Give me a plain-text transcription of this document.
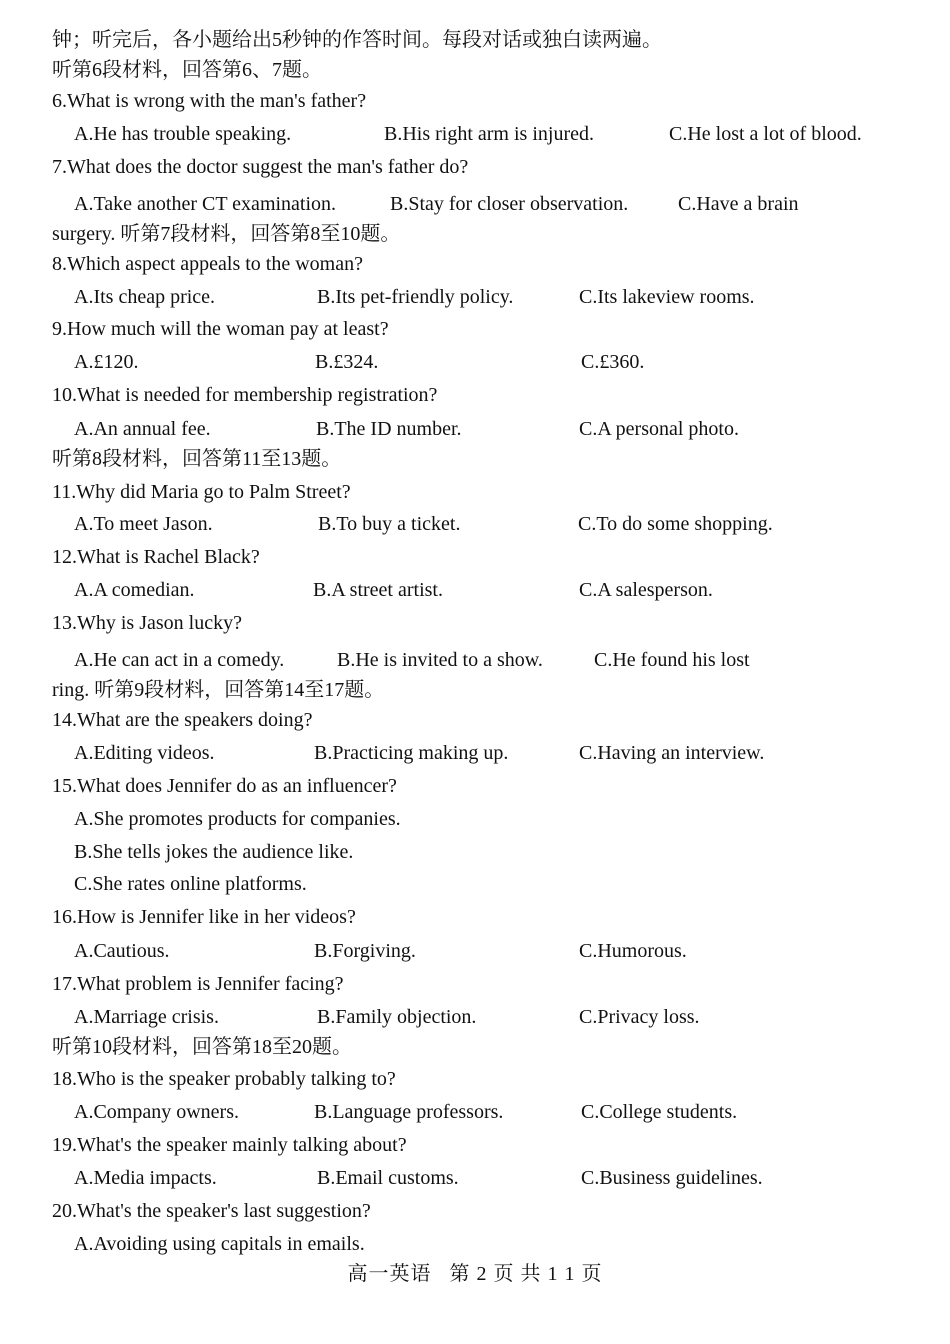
钟；听完后，各小题给出5秒钟的作答时间。每段对话或独白读两遍。
听第6段材料，回答第6、7题。
6.What is wrong with the man's father?
A.He has trouble speaking.	B.His right arm is injured.	C.He lost a lot of blood.
7.What does the doctor suggest the man's father do?
A.Take another CT examination.	B.Stay for closer observation. C.Have a brain
surgery. 听第7段材料，回答第8至10题。
8.Which aspect appeals to the woman?
A.Its cheap price.	B.Its pet-friendly policy.	C.Its lakeview rooms.
9.How much will the woman pay at least?
A.£120.	B.£324.	C.£360.
10.What is needed for membership registration?
A.An annual fee.	B.The ID number.	C.A personal photo.
听第8段材料，回答第11至13题。
11.Why did Maria go to Palm Street?
A.To meet Jason.	B.To buy a ticket.	C.To do some shopping.
12.What is Rachel Black?
A.A comedian.	B.A street artist.	C.A salesperson.
13.Why is Jason lucky?
A.He can act in a comedy.	B.He is invited to a show.	C.He found his lost
ring. 听第9段材料，回答第14至17题。
14.What are the speakers doing?
A.Editing videos.	B.Practicing making up.	C.Having an interview.
15.What does Jennifer do as an influencer?
A.She promotes products for companies.
B.She tells jokes the audience like.
C.She rates online platforms.
16.How is Jennifer like in her videos?
A.Cautious.	B.Forgiving.	C.Humorous.
17.What problem is Jennifer facing?
A.Marriage crisis.	B.Family objection.	C.Privacy loss.
听第10段材料，回答第18至20题。
18.Who is the speaker probably talking to?
A.Company owners.	B.Language professors.	C.College students.
19.What's the speaker mainly talking about?
A.Media impacts.	B.Email customs.	C.Business guidelines.
20.What's the speaker's last suggestion?
A.Avoiding using capitals in emails.
高一英语 第 2 页 共 1 1 页
